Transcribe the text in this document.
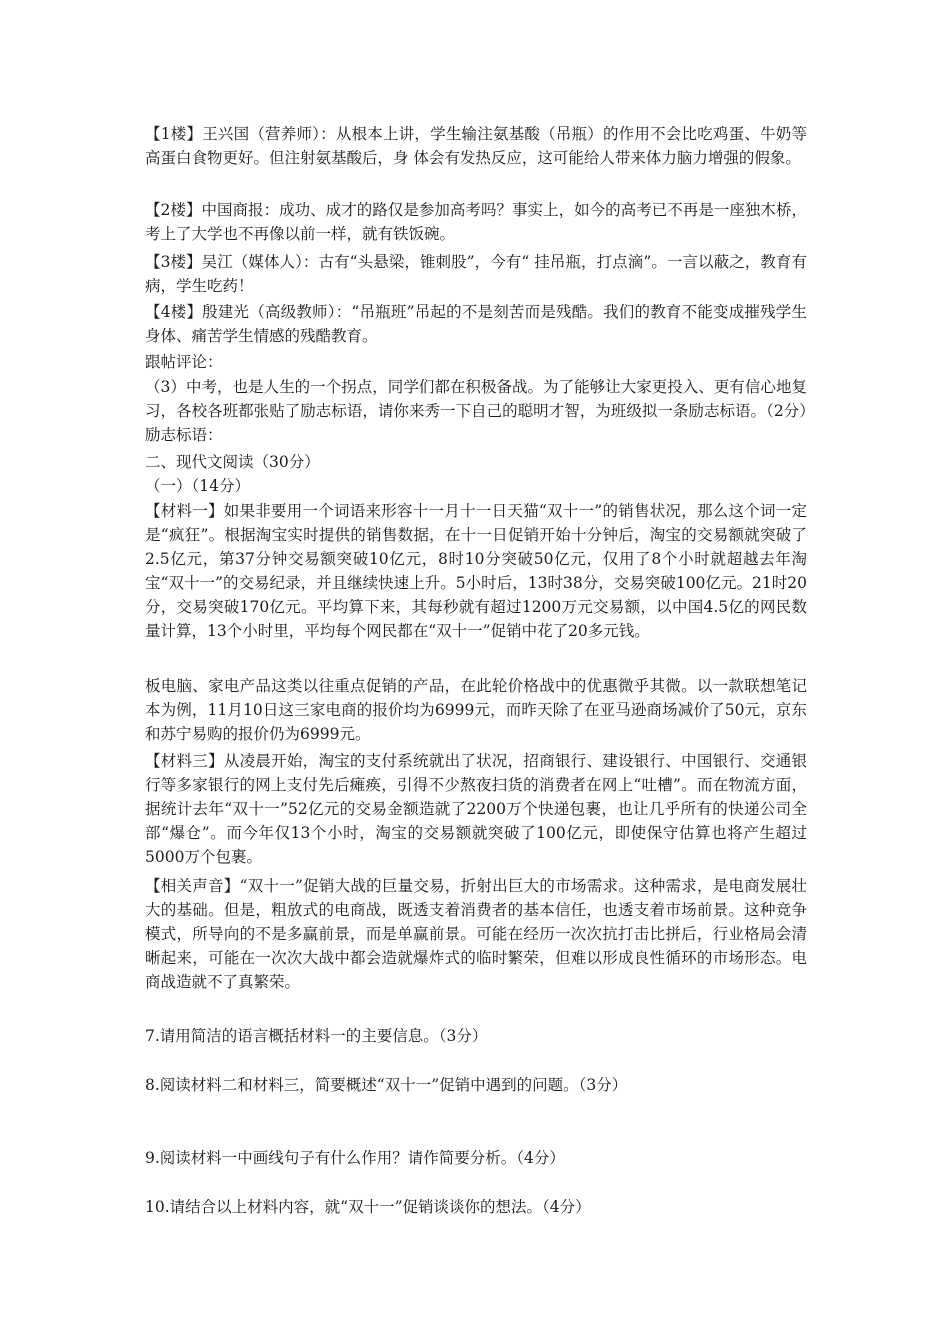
【1楼】王兴国（营养师）：从根本上讲，学生输注氨基酸（吊瓶）的作用不会比吃鸡蛋、牛奶等高蛋白食物更好。但注射氨基酸后，身 体会有发热反应，这可能给人带来体力脑力增强的假象。

【2楼】中国商报：成功、成才的路仅是参加高考吗？事实上，如今的高考已不再是一座独木桥，考上了大学也不再像以前一样，就有铁饭碗。

【3楼】吴江（媒体人）：古有“头悬梁，锥刺股”，今有“ 挂吊瓶，打点滴”。一言以蔽之，教育有病，学生吃药！

【4楼】殷建光（高级教师）：“吊瓶班”吊起的不是刻苦而是残酷。我们的教育不能变成摧残学生身体、痛苦学生情感的残酷教育。

跟帖评论：

（3）中考，也是人生的一个拐点，同学们都在积极备战。为了能够让大家更投入、更有信心地复习，各校各班都张贴了励志标语，请你来秀一下自己的聪明才智，为班级拟一条励志标语。（2分）励志标语：

二、现代文阅读（30分）

（一）（14分）

【材料一】如果非要用一个词语来形容十一月十一日天猫“双十一”的销售状况，那么这个词一定是“疯狂”。根据淘宝实时提供的销售数据，在十一日促销开始十分钟后，淘宝的交易额就突破了2.5亿元，第37分钟交易额突破10亿元，8时10分突破50亿元，仅用了8个小时就超越去年淘宝“双十一”的交易纪录，并且继续快速上升。5小时后，13时38分，交易突破100亿元。21时20分，交易突破170亿元。平均算下来，其每秒就有超过1200万元交易额，以中国4.5亿的网民数量计算，13个小时里，平均每个网民都在“双十一”促销中花了20多元钱。

板电脑、家电产品这类以往重点促销的产品，在此轮价格战中的优惠微乎其微。以一款联想笔记本为例，11月10日这三家电商的报价均为6999元，而昨天除了在亚马逊商场减价了50元，京东和苏宁易购的报价仍为6999元。

【材料三】从凌晨开始，淘宝的支付系统就出了状况，招商银行、建设银行、中国银行、交通银行等多家银行的网上支付先后瘫痪，引得不少熬夜扫货的消费者在网上“吐槽”。而在物流方面，据统计去年“双十一”52亿元的交易金额造就了2200万个快递包裹，也让几乎所有的快递公司全部“爆仓”。而今年仅13个小时，淘宝的交易额就突破了100亿元，即使保守估算也将产生超过5000万个包裹。

【相关声音】“双十一”促销大战的巨量交易，折射出巨大的市场需求。这种需求，是电商发展壮大的基础。但是，粗放式的电商战，既透支着消费者的基本信任，也透支着市场前景。这种竞争模式，所导向的不是多赢前景，而是单赢前景。可能在经历一次次抗打击比拼后，行业格局会清晰起来，可能在一次次大战中都会造就爆炸式的临时繁荣，但难以形成良性循环的市场形态。电商战造就不了真繁荣。

7.请用简洁的语言概括材料一的主要信息。（3分）

8.阅读材料二和材料三，简要概述“双十一”促销中遇到的问题。（3分）

9.阅读材料一中画线句子有什么作用？请作简要分析。（4分）

10.请结合以上材料内容，就“双十一”促销谈谈你的想法。（4分）
